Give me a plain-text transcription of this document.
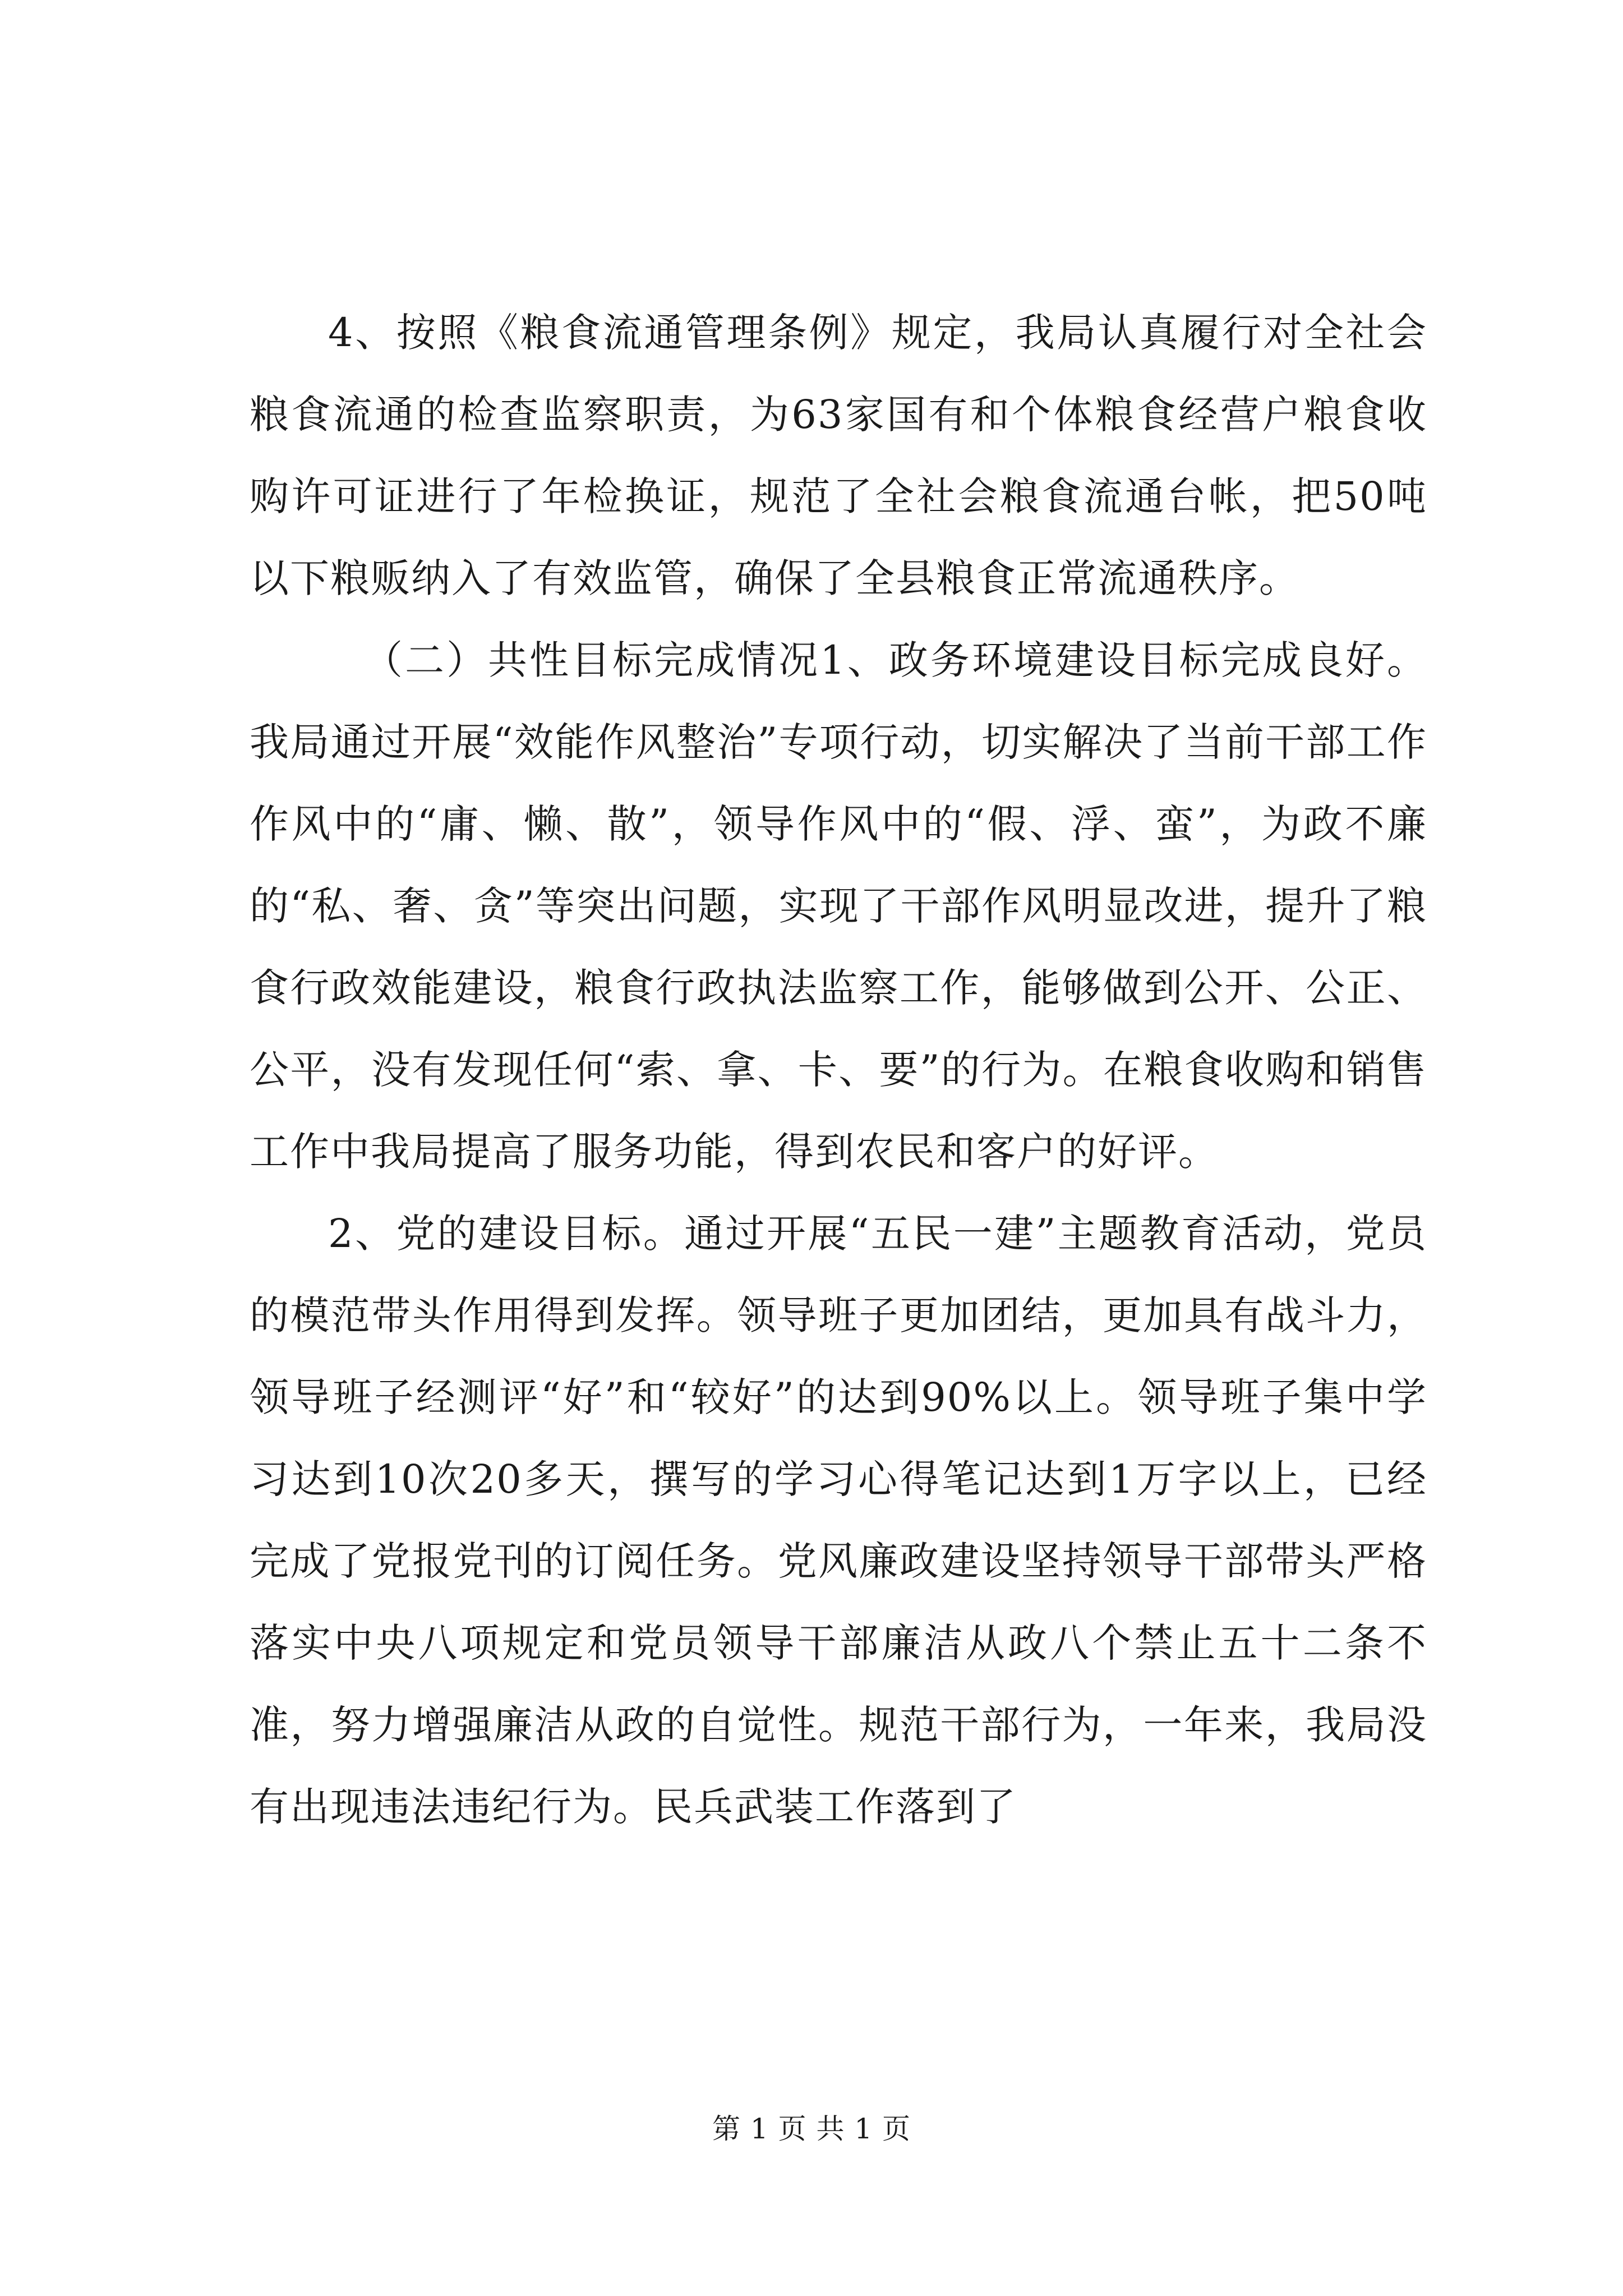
4、按照《粮食流通管理条例》规定，我局认真履行对全社会粮食流通的检查监察职责，为63家国有和个体粮食经营户粮食收购许可证进行了年检换证，规范了全社会粮食流通台帐，把50吨以下粮贩纳入了有效监管，确保了全县粮食正常流通秩序。

（二）共性目标完成情况1、政务环境建设目标完成良好。我局通过开展“效能作风整治”专项行动，切实解决了当前干部工作作风中的“庸、懒、散”，领导作风中的“假、浮、蛮”，为政不廉的“私、奢、贪”等突出问题，实现了干部作风明显改进，提升了粮食行政效能建设，粮食行政执法监察工作，能够做到公开、公正、公平，没有发现任何“索、拿、卡、要”的行为。在粮食收购和销售工作中我局提高了服务功能，得到农民和客户的好评。

2、党的建设目标。通过开展“五民一建”主题教育活动，党员的模范带头作用得到发挥。领导班子更加团结，更加具有战斗力，领导班子经测评“好”和“较好”的达到90%以上。领导班子集中学习达到10次20多天，撰写的学习心得笔记达到1万字以上，已经完成了党报党刊的订阅任务。党风廉政建设坚持领导干部带头严格落实中央八项规定和党员领导干部廉洁从政八个禁止五十二条不准，努力增强廉洁从政的自觉性。规范干部行为，一年来，我局没有出现违法违纪行为。民兵武装工作落到了

第 1 页 共 1 页
